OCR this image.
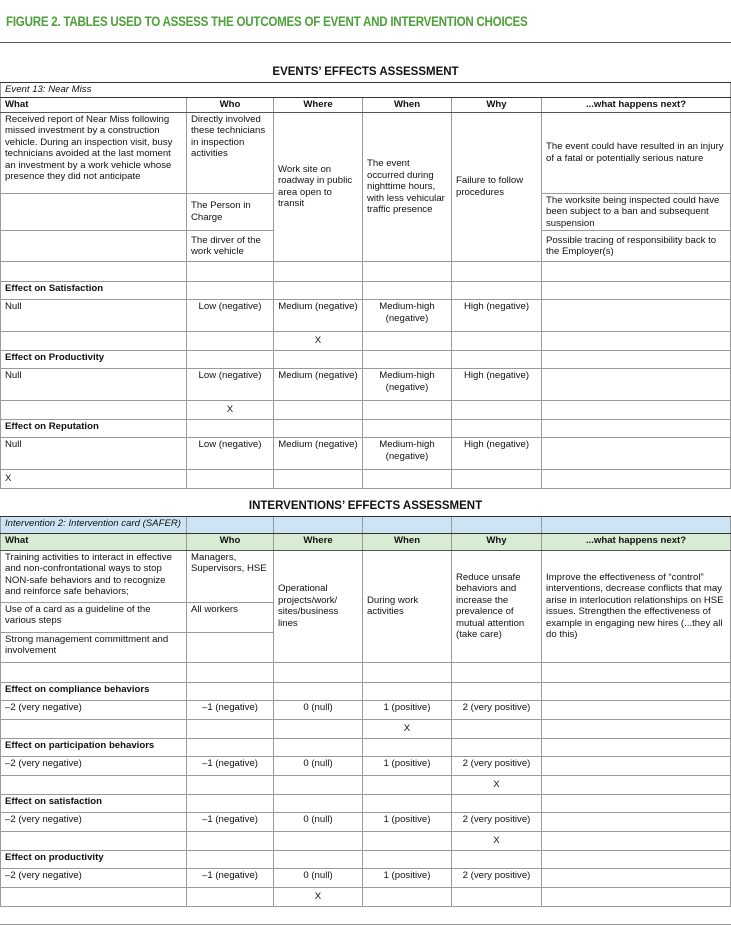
FIGURE 2. TABLES USED TO ASSESS THE OUTCOMES OF EVENT AND INTERVENTION CHOICES
EVENTS’ EFFECTS ASSESSMENT					
Event 13: Near Miss					
What	Who	Where	When	Why	...what happens next?
Received report of Near Miss following missed investment by a construction vehicle. During an inspection visit, busy technicians avoided at the last moment an investment by a work vehicle whose presence they did not anticipate	Directly involved these technicians in inspection activities	Work site on roadway in public area open to transit	The event occurred during nighttime hours, with less vehicular traffic presence	Failure to follow procedures	The event could have resulted in an injury of a fatal or potentially serious nature
	The Person in Charge				The worksite being inspected could have been subject to a ban and subsequent suspension
	The dirver of the work vehicle				Possible tracing of responsibility back to the Employer(s)

Effect on Satisfaction					
Null	Low (negative)	Medium (negative)	Medium-high (negative)	High (negative)	
		X			
Effect on Productivity					
Null	Low (negative)	Medium (negative)	Medium-high (negative)	High (negative)	
	X				
Effect on Reputation					
Null	Low (negative)	Medium (negative)	Medium-high (negative)	High (negative)	
X					
INTERVENTIONS’ EFFECTS ASSESSMENT					
Intervention 2: Intervention card (SAFER)					
What	Who	Where	When	Why	...what happens next?
Training activities to interact in effective and non-confrontational ways to stop NON-safe behaviors and to recognize and reinforce safe behaviors;	Managers, Supervisors, HSE	Operational projects/work/ sites/business lines	During work activities	Reduce unsafe behaviors and increase the prevalence of mutual attention (take care)	Improve the effectiveness of “control” interventions, decrease conflicts that may arise in interlocution relationships on HSE issues. Strengthen the effectiveness of example in engaging new hires (...they all do this)
Use of a card as a guideline of the various steps	All workers				
Strong management committment and involvement					

Effect on compliance behaviors					
–2 (very negative)	–1 (negative)	0 (null)	1 (positive)	2 (very positive)	
			X		
Effect on participation behaviors					
–2 (very negative)	–1 (negative)	0 (null)	1 (positive)	2 (very positive)	
				X	
Effect on satisfaction					
–2 (very negative)	–1 (negative)	0 (null)	1 (positive)	2 (very positive)	
				X	
Effect on productivity					
–2 (very negative)	–1 (negative)	0 (null)	1 (positive)	2 (very positive)	
		X			
